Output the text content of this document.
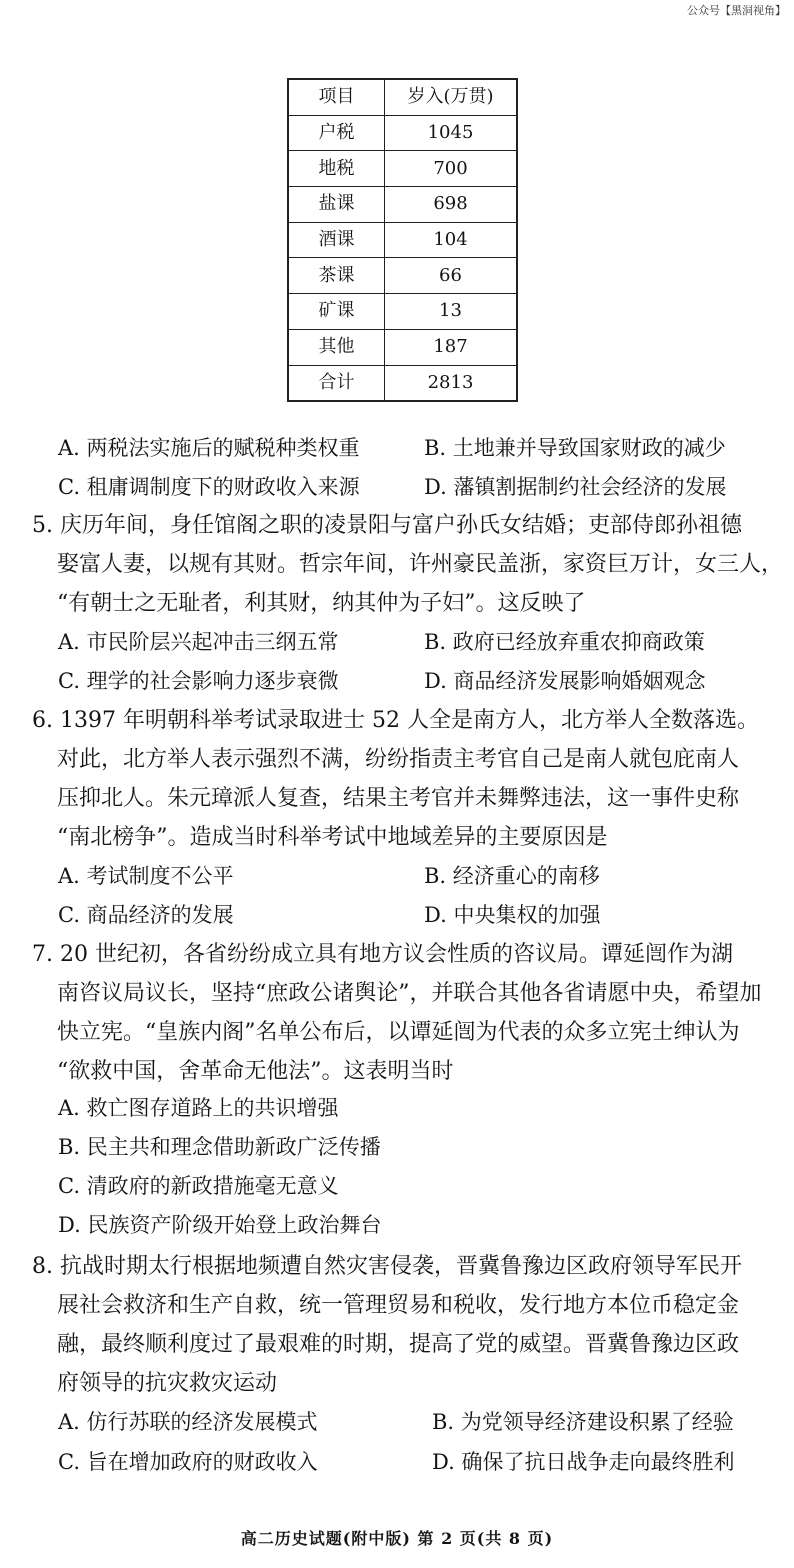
公众号【黑洞视角】
项目	岁入(万贯)
户税	1045
地税	700
盐课	698
酒课	104
茶课	66
矿课	13
其他	187
合计	2813
A. 两税法实施后的赋税种类权重	B. 土地兼并导致国家财政的减少
C. 租庸调制度下的财政收入来源	D. 藩镇割据制约社会经济的发展
5. 庆历年间，身任馆阁之职的凌景阳与富户孙氏女结婚；吏部侍郎孙祖德
娶富人妻，以规有其财。哲宗年间，许州豪民盖浙，家资巨万计，女三人，
“有朝士之无耻者，利其财，纳其仲为子妇”。这反映了
A. 市民阶层兴起冲击三纲五常	B. 政府已经放弃重农抑商政策
C. 理学的社会影响力逐步衰微	D. 商品经济发展影响婚姻观念
6. 1397 年明朝科举考试录取进士 52 人全是南方人，北方举人全数落选。
对此，北方举人表示强烈不满，纷纷指责主考官自己是南人就包庇南人
压抑北人。朱元璋派人复查，结果主考官并未舞弊违法，这一事件史称
“南北榜争”。造成当时科举考试中地域差异的主要原因是
A. 考试制度不公平	B. 经济重心的南移
C. 商品经济的发展	D. 中央集权的加强
7. 20 世纪初，各省纷纷成立具有地方议会性质的咨议局。谭延闿作为湖
南咨议局议长，坚持“庶政公诸舆论”，并联合其他各省请愿中央，希望加
快立宪。“皇族内阁”名单公布后，以谭延闿为代表的众多立宪士绅认为
“欲救中国，舍革命无他法”。这表明当时
A. 救亡图存道路上的共识增强
B. 民主共和理念借助新政广泛传播
C. 清政府的新政措施毫无意义
D. 民族资产阶级开始登上政治舞台
8. 抗战时期太行根据地频遭自然灾害侵袭，晋冀鲁豫边区政府领导军民开
展社会救济和生产自救，统一管理贸易和税收，发行地方本位币稳定金
融，最终顺利度过了最艰难的时期，提高了党的威望。晋冀鲁豫边区政
府领导的抗灾救灾运动
A. 仿行苏联的经济发展模式	B. 为党领导经济建设积累了经验
C. 旨在增加政府的财政收入	D. 确保了抗日战争走向最终胜利
高二历史试题(附中版) 第 2 页(共 8 页)
